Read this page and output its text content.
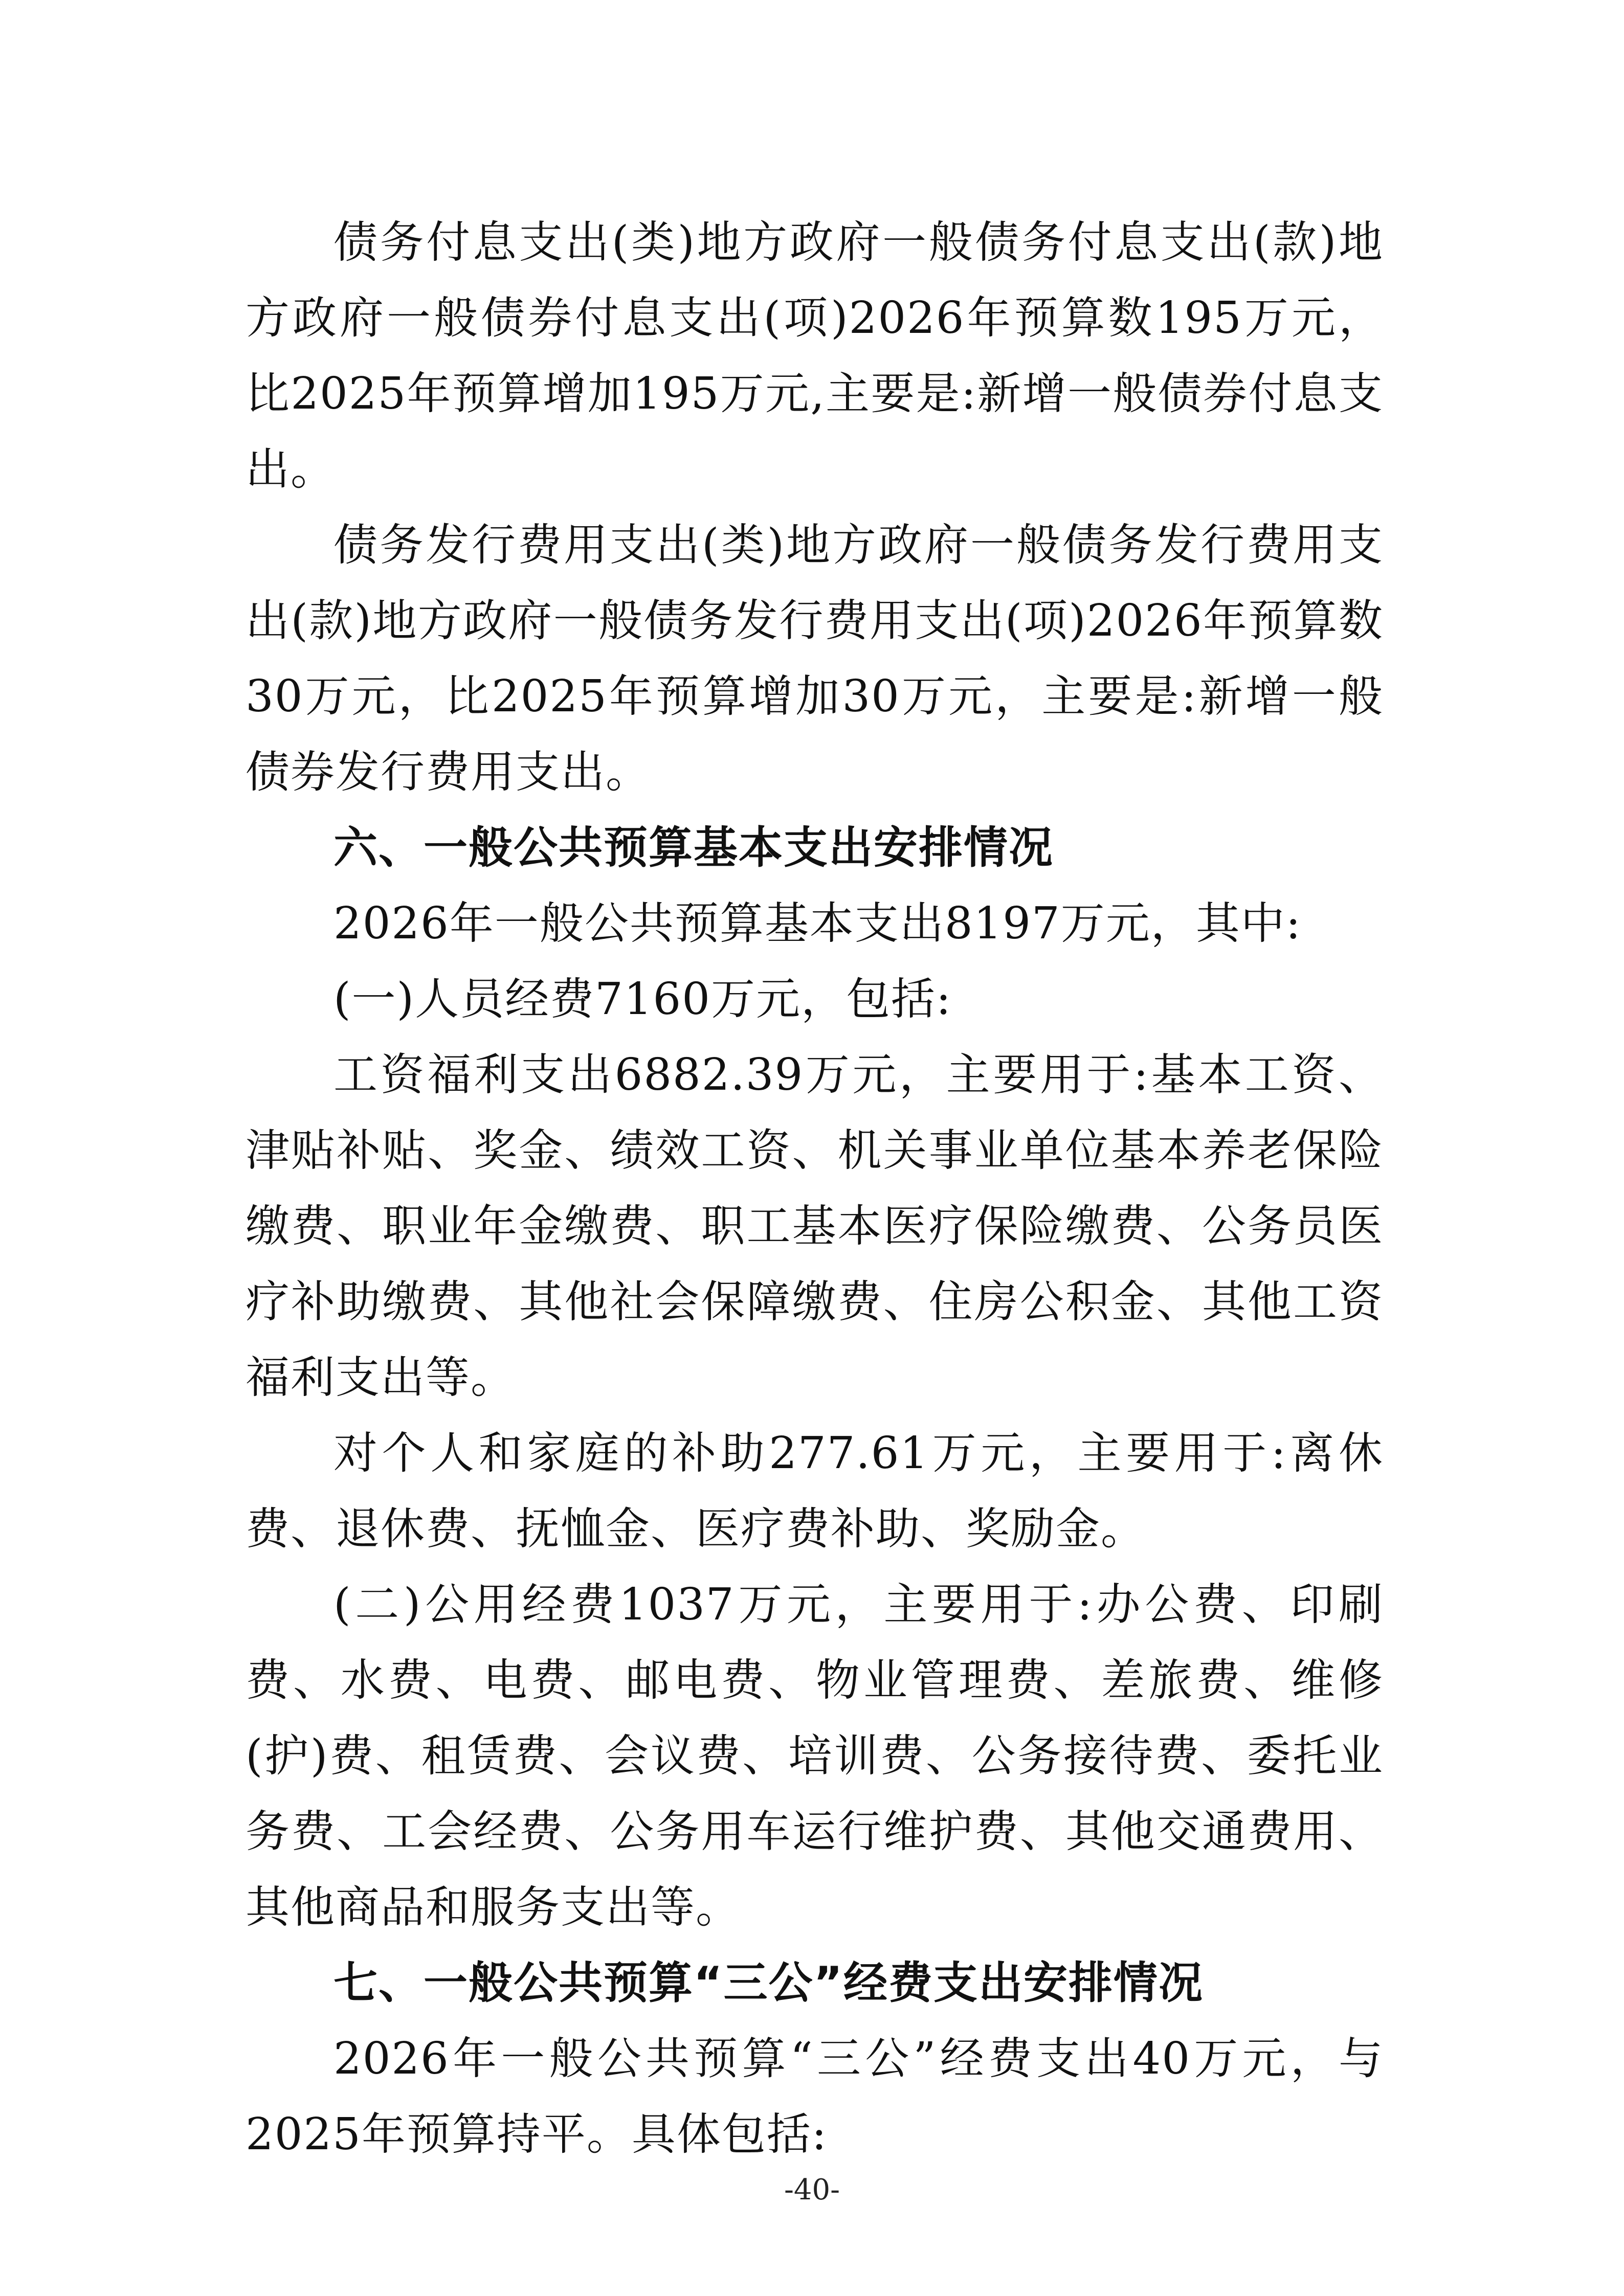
债务付息支出(类)地方政府一般债务付息支出(款)地方政府一般债券付息支出(项)2026年预算数195万元，比2025年预算增加195万元,主要是:新增一般债券付息支出。

债务发行费用支出(类)地方政府一般债务发行费用支出(款)地方政府一般债务发行费用支出(项)2026年预算数30万元，比2025年预算增加30万元，主要是:新增一般债券发行费用支出。

六、一般公共预算基本支出安排情况

2026年一般公共预算基本支出8197万元，其中:

(一)人员经费7160万元，包括:

工资福利支出6882.39万元，主要用于:基本工资、津贴补贴、奖金、绩效工资、机关事业单位基本养老保险缴费、职业年金缴费、职工基本医疗保险缴费、公务员医疗补助缴费、其他社会保障缴费、住房公积金、其他工资福利支出等。

对个人和家庭的补助277.61万元，主要用于:离休费、退休费、抚恤金、医疗费补助、奖励金。

(二)公用经费1037万元，主要用于:办公费、印刷费、水费、电费、邮电费、物业管理费、差旅费、维修(护)费、租赁费、会议费、培训费、公务接待费、委托业务费、工会经费、公务用车运行维护费、其他交通费用、其他商品和服务支出等。

七、一般公共预算“三公”经费支出安排情况

2026年一般公共预算“三公”经费支出40万元，与2025年预算持平。具体包括:

-40-
